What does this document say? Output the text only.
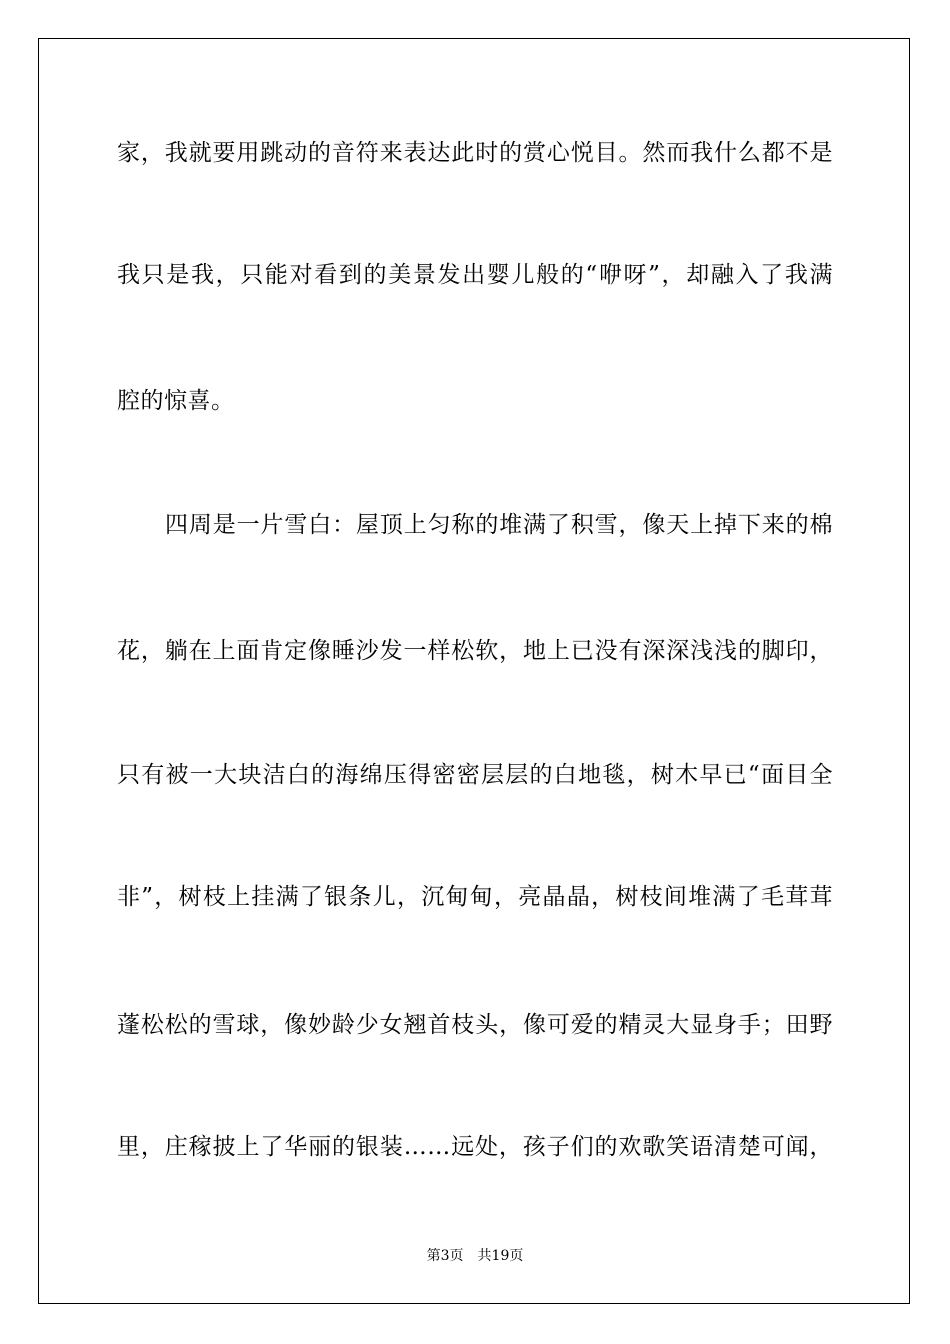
家，我就要用跳动的音符来表达此时的赏心悦目。然而我什么都不是
我只是我，只能对看到的美景发出婴儿般的“咿呀”，却融入了我满
腔的惊喜。
四周是一片雪白：屋顶上匀称的堆满了积雪，像天上掉下来的棉
花，躺在上面肯定像睡沙发一样松软，地上已没有深深浅浅的脚印，
只有被一大块洁白的海绵压得密密层层的白地毯，树木早已“面目全
非”，树枝上挂满了银条儿，沉甸甸，亮晶晶，树枝间堆满了毛茸茸
蓬松松的雪球，像妙龄少女翘首枝头，像可爱的精灵大显身手；田野
里，庄稼披上了华丽的银装……远处，孩子们的欢歌笑语清楚可闻，
第3页 共19页
